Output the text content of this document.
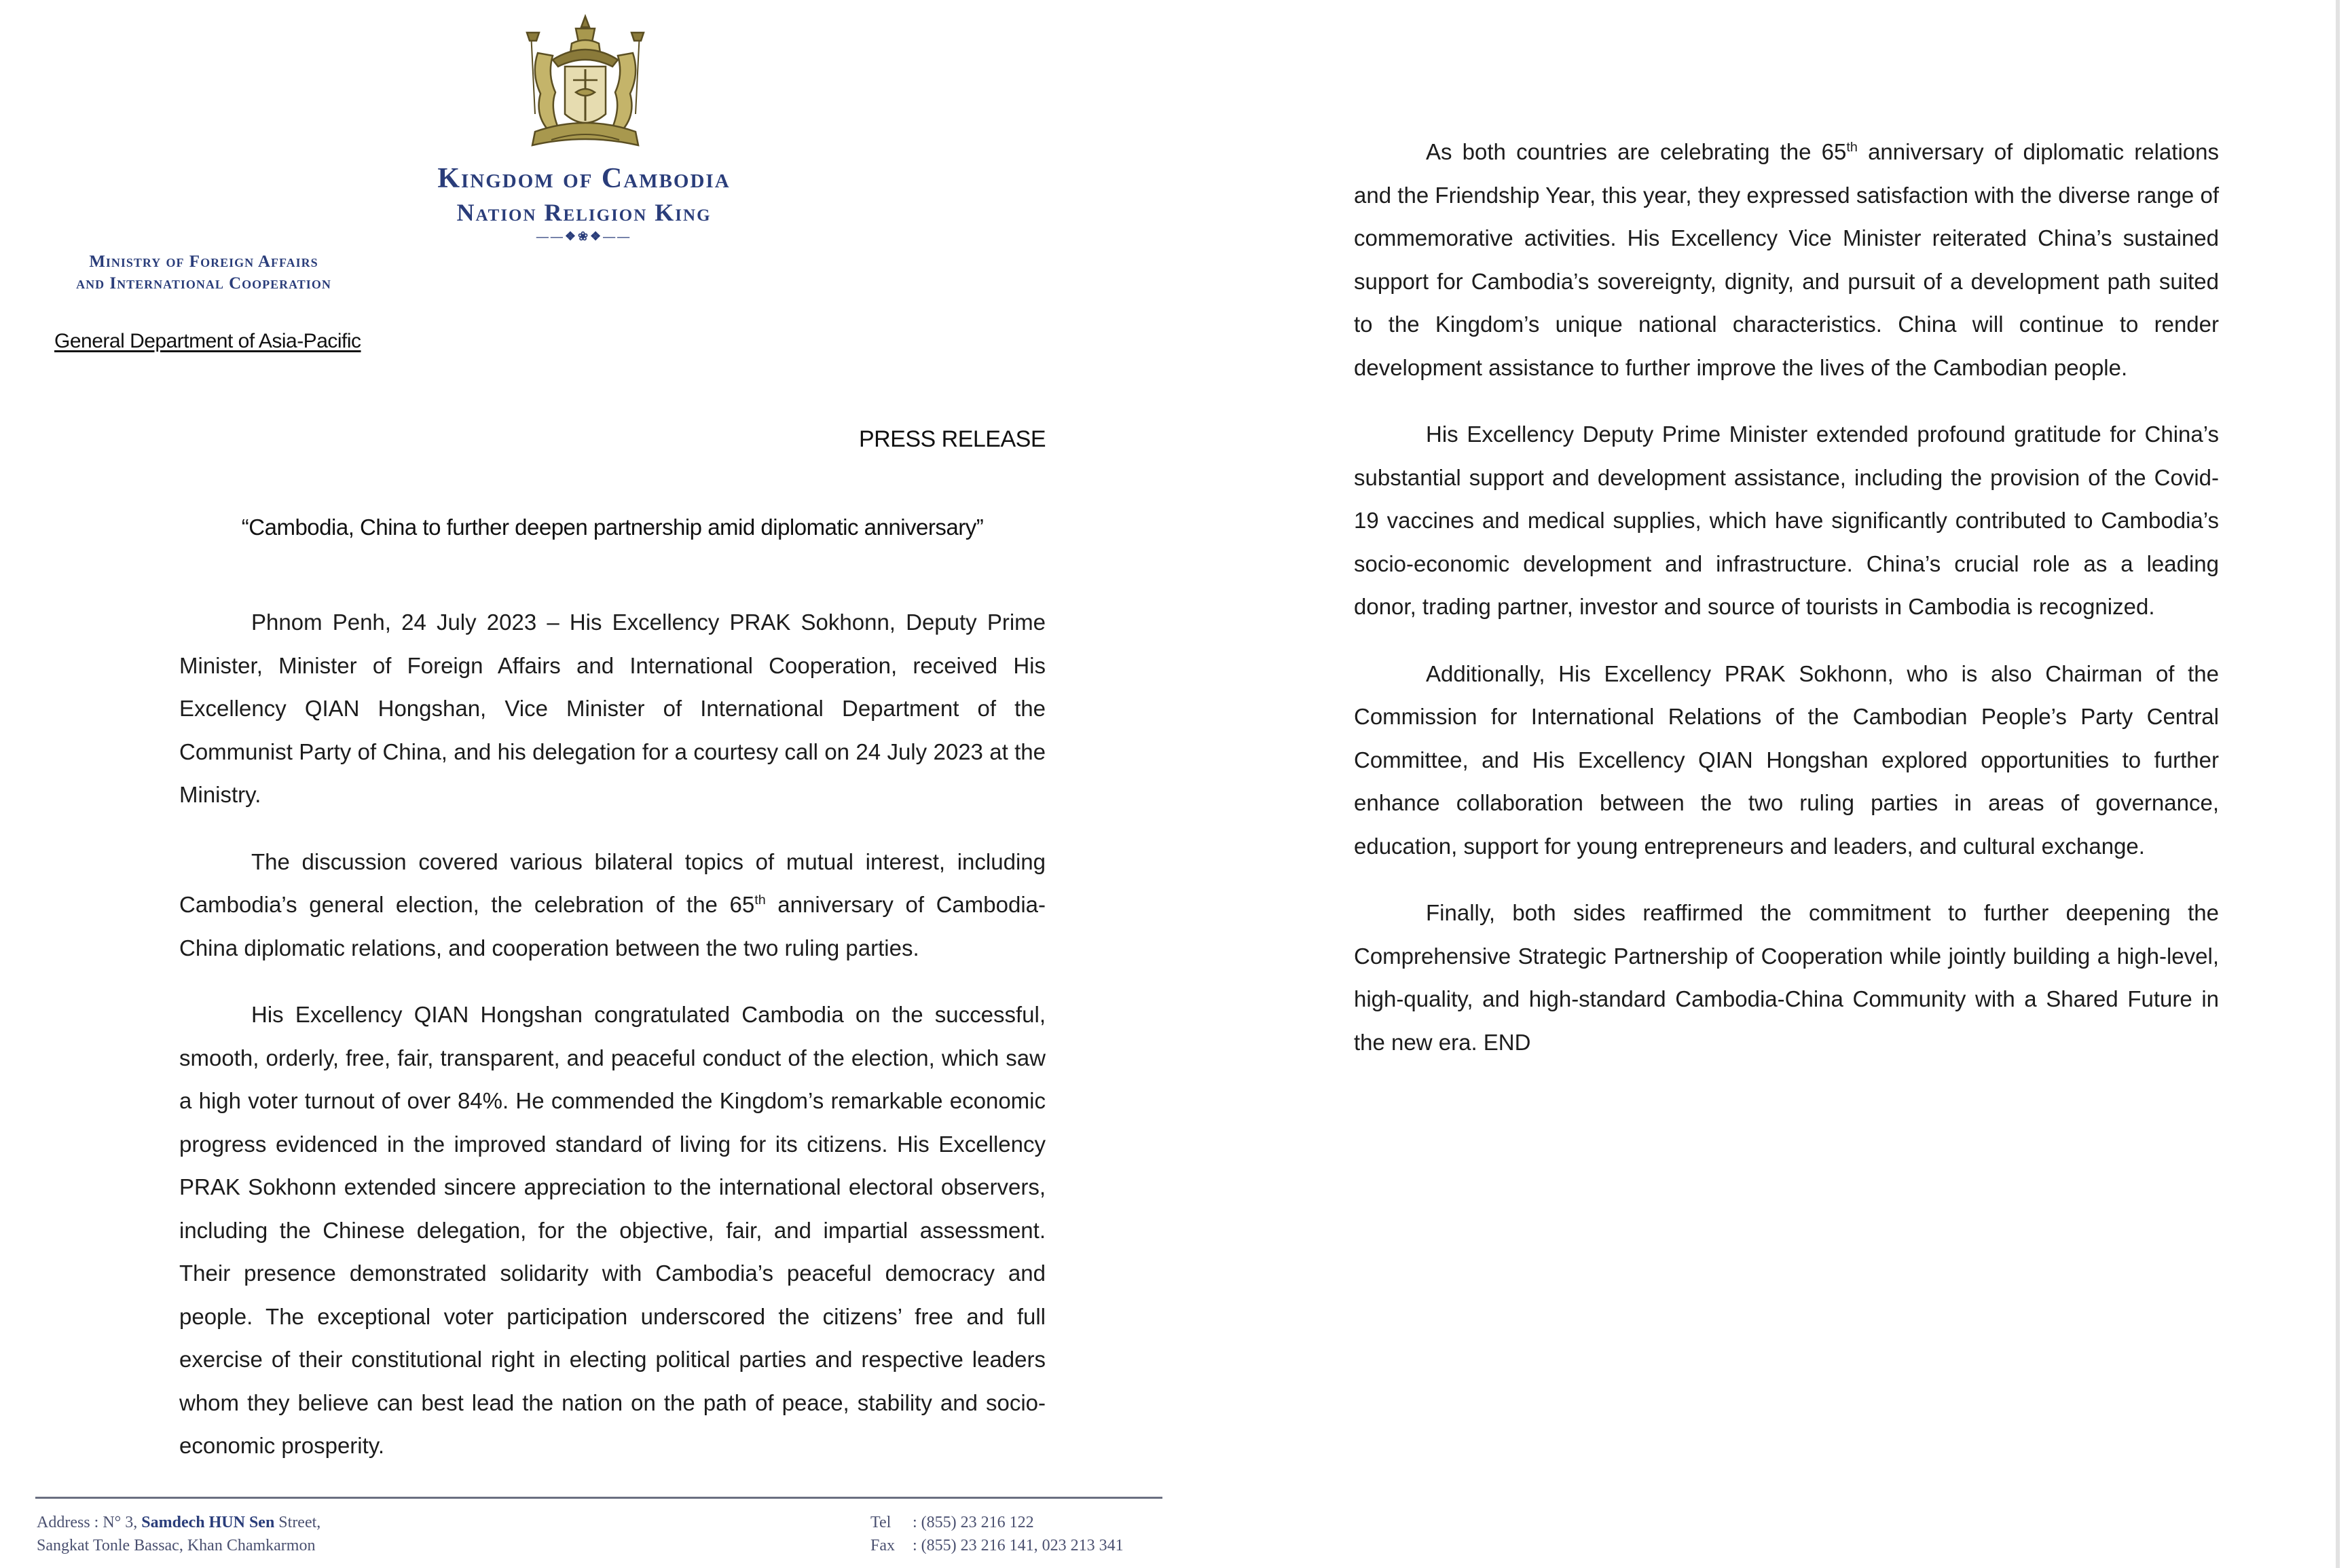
Kingdom of Cambodia
Nation Religion King
——❖❀❖——
Ministry of Foreign Affairs
and International Cooperation
General Department of Asia-Pacific
PRESS RELEASE
“Cambodia, China to further deepen partnership amid diplomatic anniversary”

Phnom Penh, 24 July 2023 – His Excellency PRAK Sokhonn, Deputy Prime Minister, Minister of Foreign Affairs and International Cooperation, received His Excellency QIAN Hongshan, Vice Minister of International Department of the Communist Party of China, and his delegation for a courtesy call on 24 July 2023 at the Ministry.

The discussion covered various bilateral topics of mutual interest, including Cambodia’s general election, the celebration of the 65th anniversary of Cambodia-China diplomatic relations, and cooperation between the two ruling parties.

His Excellency QIAN Hongshan congratulated Cambodia on the successful, smooth, orderly, free, fair, transparent, and peaceful conduct of the election, which saw a high voter turnout of over 84%. He commended the Kingdom’s remarkable economic progress evidenced in the improved standard of living for its citizens. His Excellency PRAK Sokhonn extended sincere appreciation to the international electoral observers, including the Chinese delegation, for the objective, fair, and impartial assessment. Their presence demonstrated solidarity with Cambodia’s peaceful democracy and people. The exceptional voter participation underscored the citizens’ free and full exercise of their constitutional right in electing political parties and respective leaders whom they believe can best lead the nation on the path of peace, stability and socio-economic prosperity.

Address : N° 3, Samdech HUN Sen Street,
Sangkat Tonle Bassac, Khan Chamkarmon
Tel : (855) 23 216 122
Fax : (855) 23 216 141, 023 213 341

As both countries are celebrating the 65th anniversary of diplomatic relations and the Friendship Year, this year, they expressed satisfaction with the diverse range of commemorative activities. His Excellency Vice Minister reiterated China’s sustained support for Cambodia’s sovereignty, dignity, and pursuit of a development path suited to the Kingdom’s unique national characteristics. China will continue to render development assistance to further improve the lives of the Cambodian people.

His Excellency Deputy Prime Minister extended profound gratitude for China’s substantial support and development assistance, including the provision of the Covid-19 vaccines and medical supplies, which have significantly contributed to Cambodia’s socio-economic development and infrastructure. China’s crucial role as a leading donor, trading partner, investor and source of tourists in Cambodia is recognized.

Additionally, His Excellency PRAK Sokhonn, who is also Chairman of the Commission for International Relations of the Cambodian People’s Party Central Committee, and His Excellency QIAN Hongshan explored opportunities to further enhance collaboration between the two ruling parties in areas of governance, education, support for young entrepreneurs and leaders, and cultural exchange.

Finally, both sides reaffirmed the commitment to further deepening the Comprehensive Strategic Partnership of Cooperation while jointly building a high-level, high-quality, and high-standard Cambodia-China Community with a Shared Future in the new era. END
